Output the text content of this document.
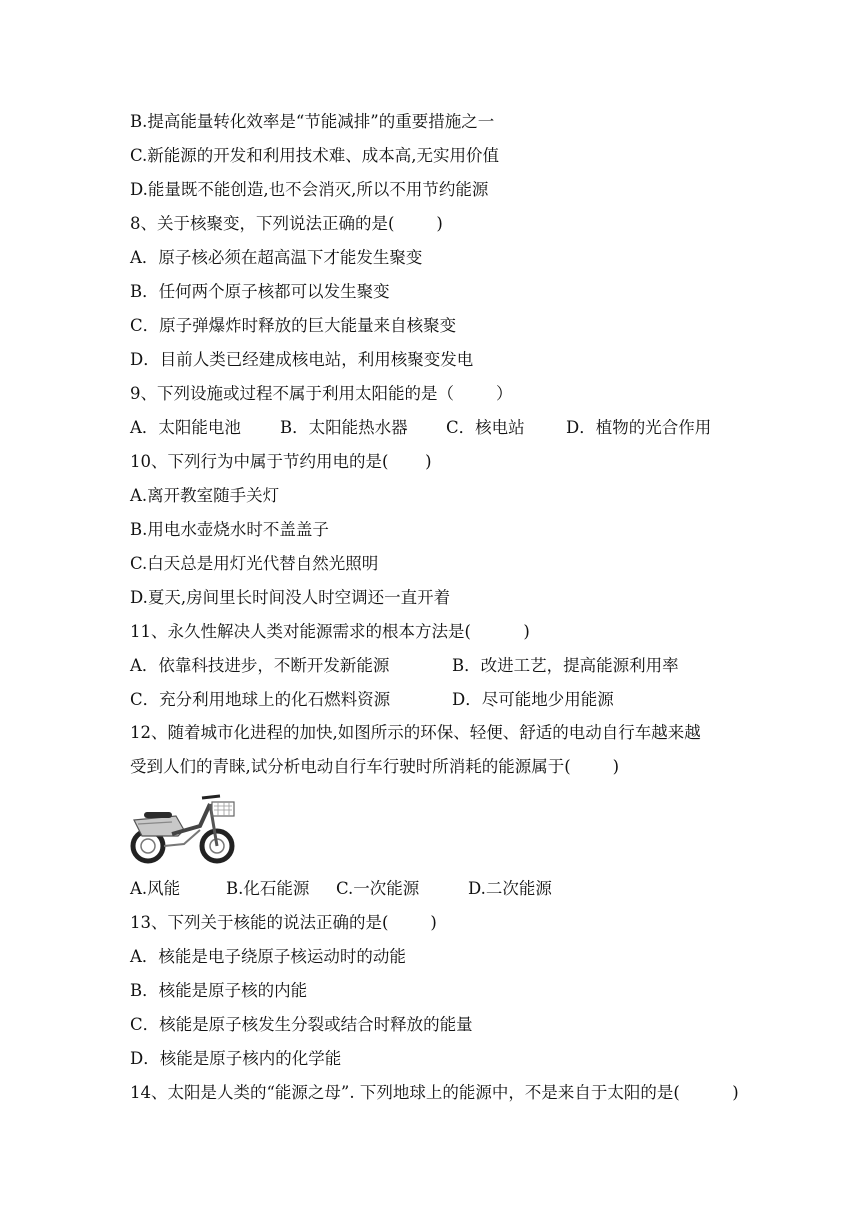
B.提高能量转化效率是“节能减排”的重要措施之一
C.新能源的开发和利用技术难、成本高,无实用价值
D.能量既不能创造,也不会消灭,所以不用节约能源
8、关于核聚变，下列说法正确的是(        )
A．原子核必须在超高温下才能发生聚变
B．任何两个原子核都可以发生聚变
C．原子弹爆炸时释放的巨大能量来自核聚变
D．目前人类已经建成核电站，利用核聚变发电
9、下列设施或过程不属于利用太阳能的是（        ）

A．太阳能电池

B．太阳能热水器

C．核电站

	D．植物的光合作用

10、下列行为中属于节约用电的是(       )
A.离开教室随手关灯
B.用电水壶烧水时不盖盖子
C.白天总是用灯光代替自然光照明
D.夏天,房间里长时间没人时空调还一直开着
11、永久性解决人类对能源需求的根本方法是(          )

A．依靠科技进步，不断开发新能源

	B．改进工艺，提高能源利用率

C．充分利用地球上的化石燃料资源

	D．尽可能地少用能源

12、随着城市化进程的加快,如图所示的环保、轻便、舒适的电动自行车越来越
受到人们的青睐,试分析电动自行车行驶时所消耗的能源属于(        )

A.风能

	B.化石能源

C.一次能源

	D.二次能源

13、下列关于核能的说法正确的是(        )
A．核能是电子绕原子核运动时的动能
B．核能是原子核的内能
C．核能是原子核发生分裂或结合时释放的能量
D．核能是原子核内的化学能
14、太阳是人类的“能源之母”. 下列地球上的能源中，不是来自于太阳的是(          )
